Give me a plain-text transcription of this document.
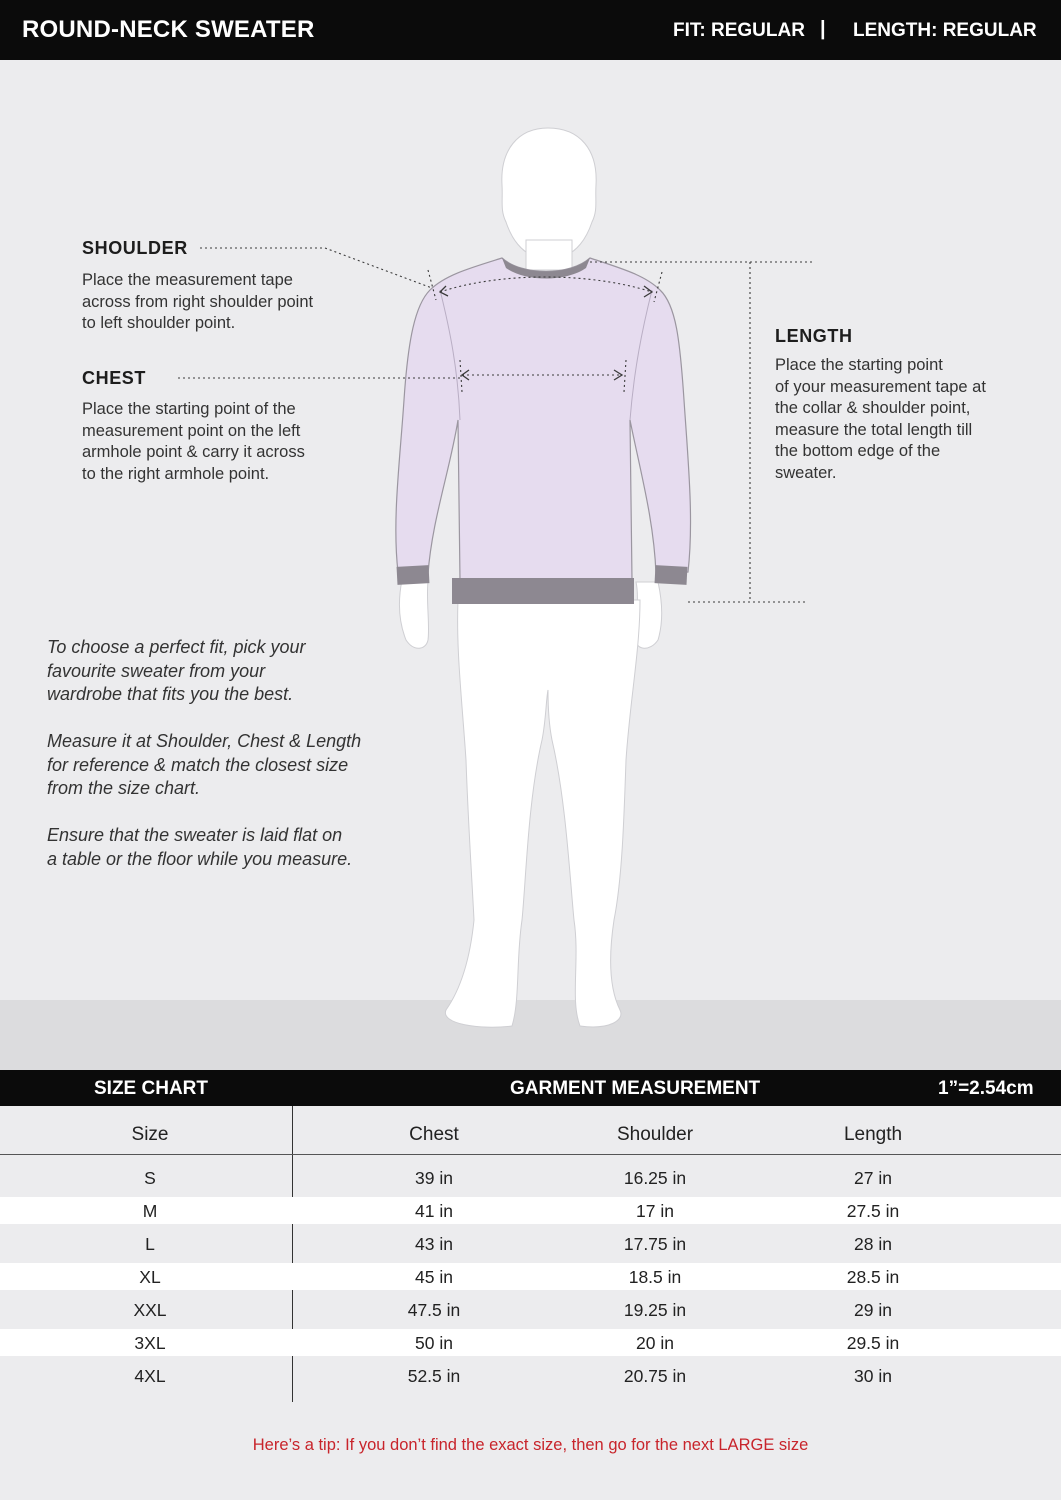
ROUND-NECK SWEATER	FIT: REGULAR | LENGTH: REGULAR
SHOULDER
Place the measurement tape
across from right shoulder point
to left shoulder point.
CHEST
Place the starting point of the
measurement point on the left
armhole point & carry it across
to the right armhole point.
LENGTH
Place the starting point
of your measurement tape at
the collar & shoulder point,
measure the total length till
the bottom edge of the
sweater.
To choose a perfect fit, pick your
favourite sweater from your
wardrobe that fits you the best.
Measure it at Shoulder, Chest & Length
for reference & match the closest size
from the size chart.
Ensure that the sweater is laid flat on
a table or the floor while you measure.
SIZE CHART	GARMENT MEASUREMENT	1”=2.54cm
Size	Chest	Shoulder	Length
S	39 in	16.25 in	27 in
M	41 in	17 in	27.5 in
L	43 in	17.75 in	28 in
XL	45 in	18.5 in	28.5 in
XXL	47.5 in	19.25 in	29 in
3XL	50 in	20 in	29.5 in
4XL	52.5 in	20.75 in	30 in
Here’s a tip: If you don’t find the exact size, then go for the next LARGE size
